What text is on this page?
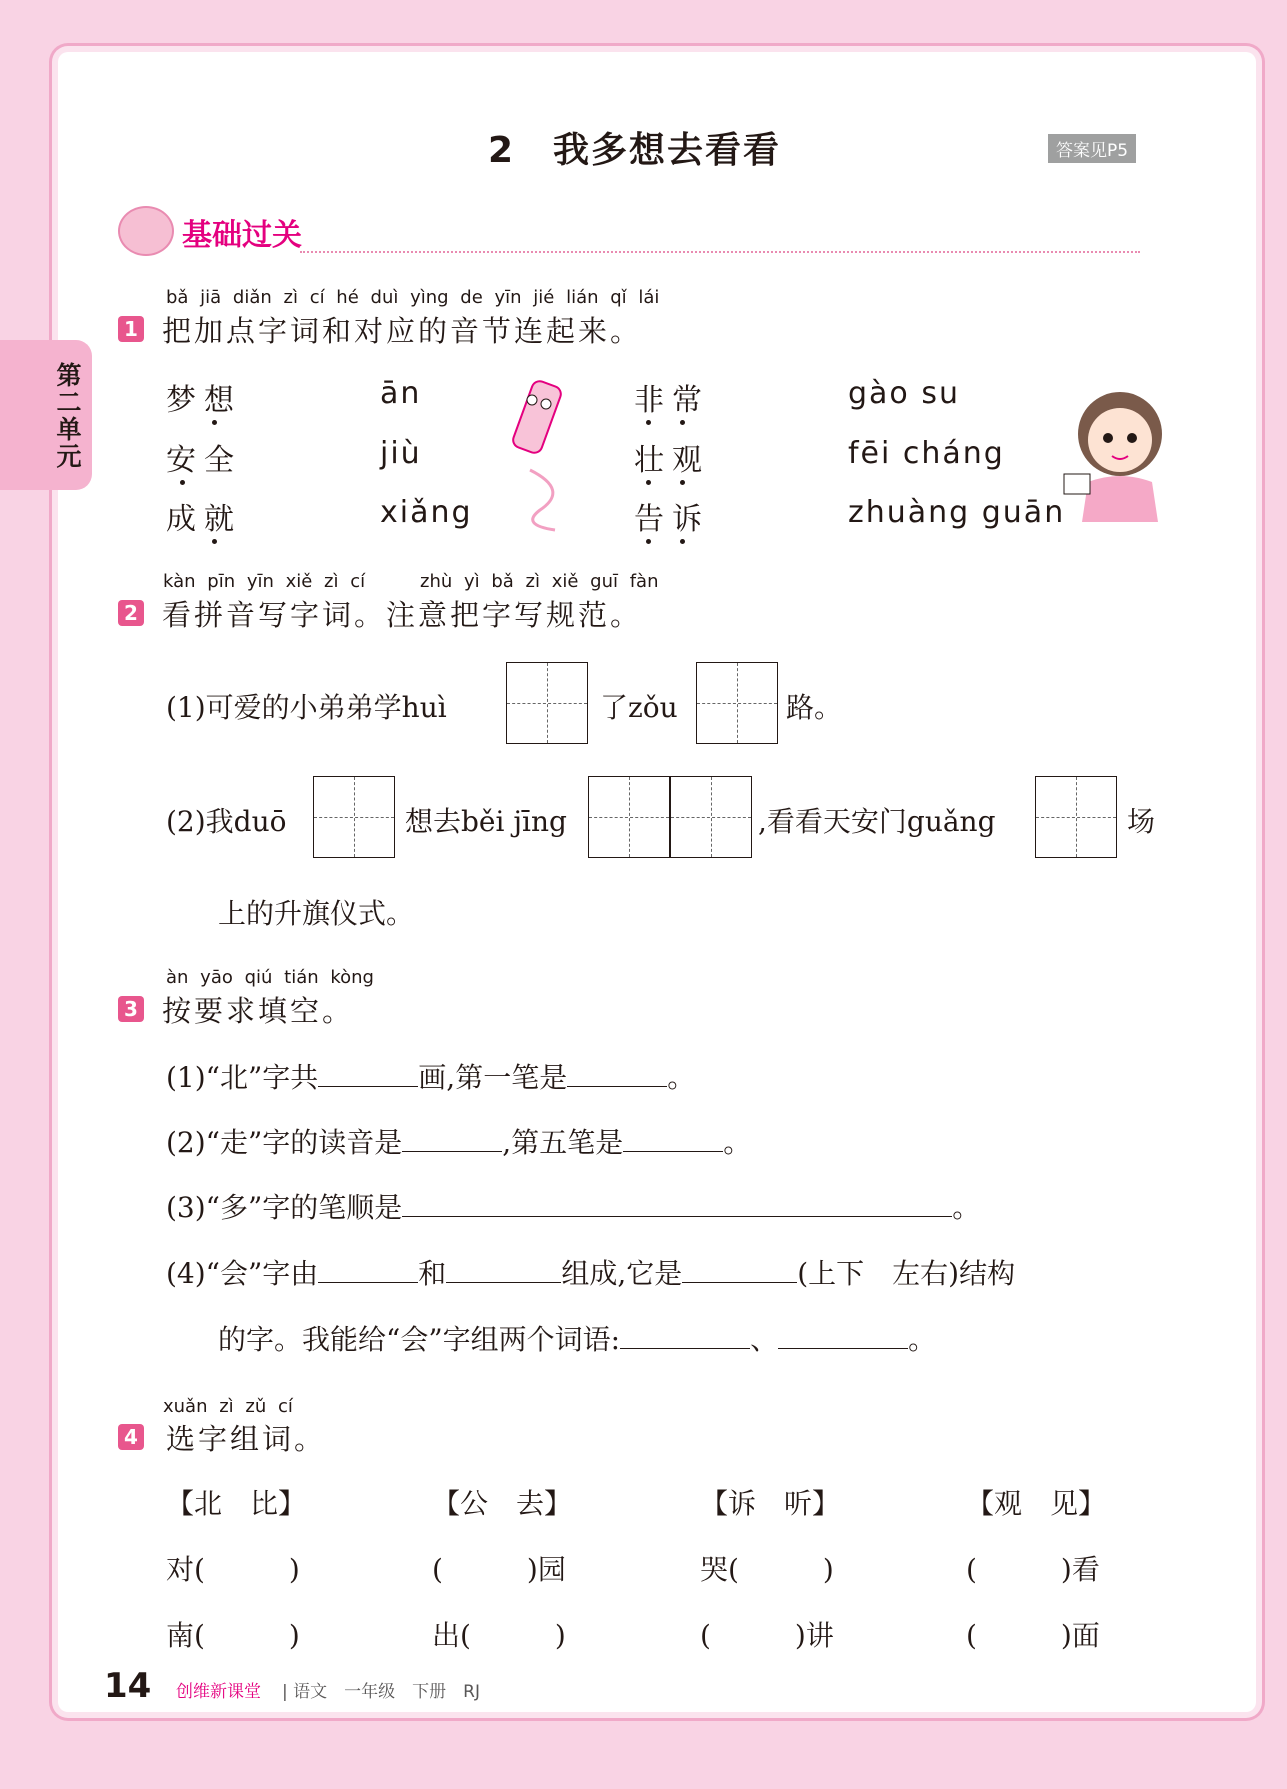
第二单元
2　我多想去看看	答案见P5
基础过关
bǎ jiā diǎn zì cí hé duì yìng de yīn jié lián qǐ lái
1 把加点字词和对应的音节连起来。
梦想
安全
成就
ān
jiù
xiǎng
非常
壮观
告诉
gào su
fēi cháng
zhuàng guān
kàn pīn yīn xiě zì cí	zhù yì bǎ zì xiě guī fàn
2 看拼音写字词。注意把字写规范。
(1)可爱的小弟弟学huì	了zǒu	路。
(2)我duō	想去běi jīng	,看看天安门guǎng	场
上的升旗仪式。
àn yāo qiú tián kòng
3 按要求填空。
(1)“北”字共	画,第一笔是	。
(2)“走”字的读音是	,第五笔是	。
(3)“多”字的笔顺是	。
(4)“会”字由	和	组成,它是	(上下　左右)结构
的字。我能给“会”字组两个词语:	、	。
xuǎn zì zǔ cí
4 选字组词。
【北　比】	【公　去】	【诉　听】	【观　见】
对(　　　)	(　　　)园	哭(　　　)	(　　　)看
南(　　　)	出(　　　)	(　　　)讲	(　　　)面
14 创维新课堂 | 语文　一年级　下册　RJ
